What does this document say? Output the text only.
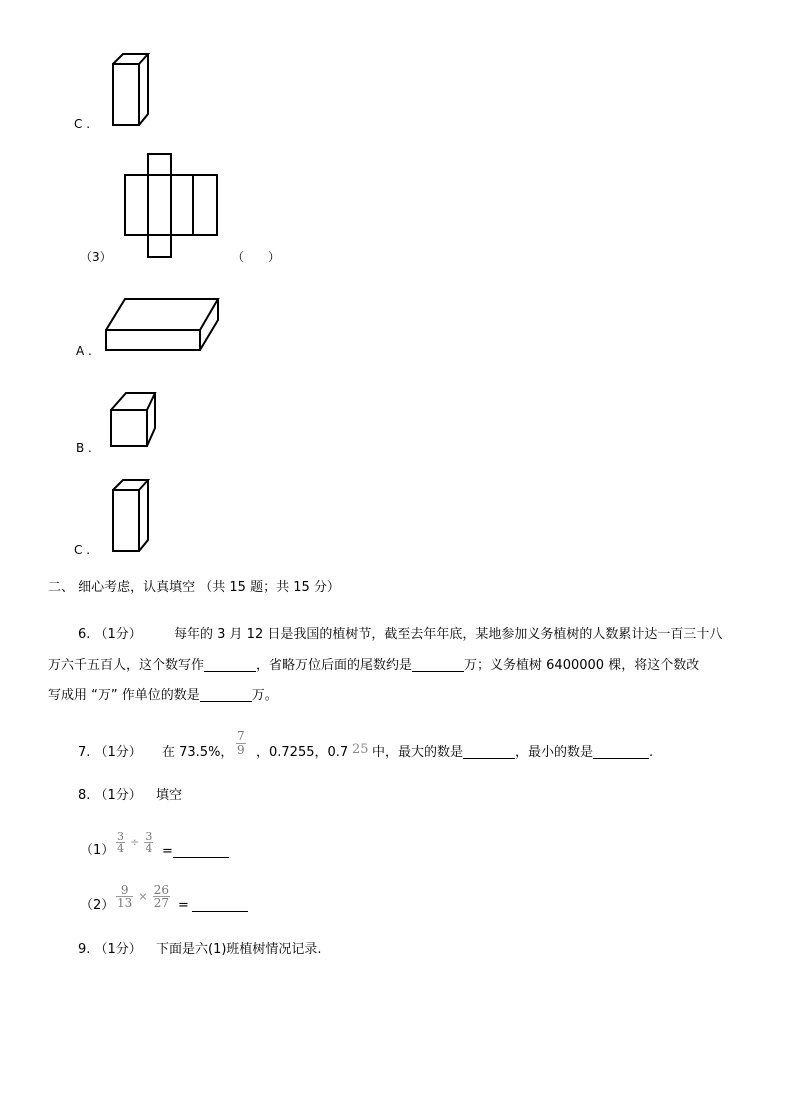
C .
（3）	（　　）
A .
B .
C .
二、 细心考虑，认真填空 （共 15 题；共 15 分）
6. （1分） 每年的 3 月 12 日是我国的植树节，截至去年年底，某地参加义务植树的人数累计达一百三十八
万六千五百人，这个数写作	，省略万位后面的尾数约是	万；义务植树 6400000 棵，将这个数改
写成用 “万” 作单位的数是	万。
7. （1分） 在 73.5%， $\frac{7}{9}$ ，0.7255，0.7 25 中，最大的数是	，最小的数是	.
8. （1分） 填空
$(1) \frac{3}{4} \div \frac{3}{4}$ =
$(2) \frac{9}{13} \times \frac{26}{27}$ =
9. （1分） 下面是六(1)班植树情况记录.
